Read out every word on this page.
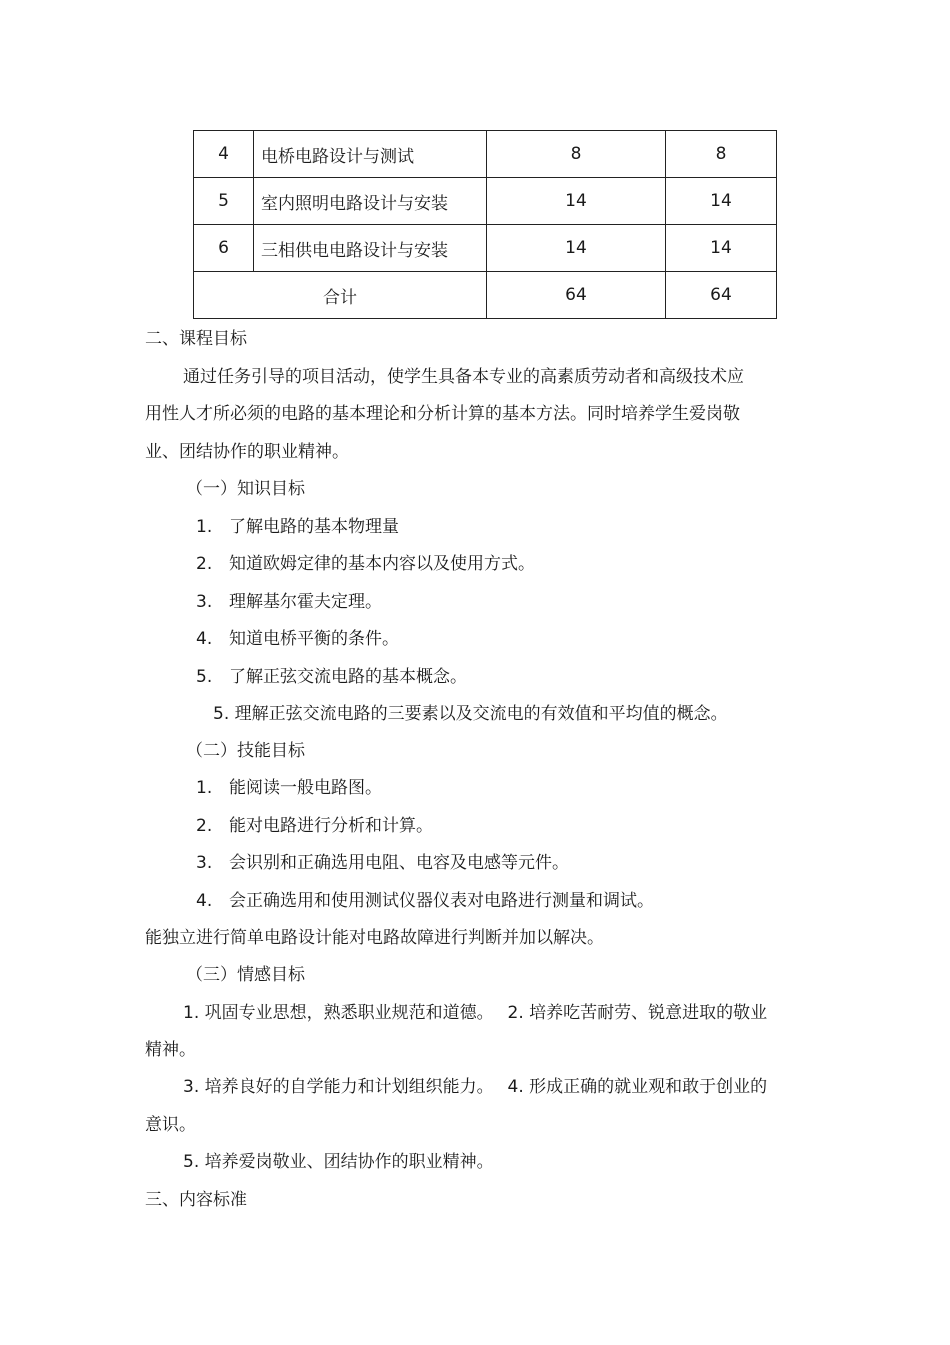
4	电桥电路设计与测试	8	8
5	室内照明电路设计与安装	14	14
6	三相供电电路设计与安装	14	14
合计		64	64
二、课程目标
通过任务引导的项目活动，使学生具备本专业的高素质劳动者和高级技术应
用性人才所必须的电路的基本理论和分析计算的基本方法。同时培养学生爱岗敬
业、团结协作的职业精神。
（一）知识目标
1. 了解电路的基本物理量
2. 知道欧姆定律的基本内容以及使用方式。
3. 理解基尔霍夫定理。
4. 知道电桥平衡的条件。
5. 了解正弦交流电路的基本概念。
5. 理解正弦交流电路的三要素以及交流电的有效值和平均值的概念。
（二）技能目标
1. 能阅读一般电路图。
2. 能对电路进行分析和计算。
3. 会识别和正确选用电阻、电容及电感等元件。
4. 会正确选用和使用测试仪器仪表对电路进行测量和调试。
能独立进行简单电路设计能对电路故障进行判断并加以解决。
（三）情感目标
1. 巩固专业思想，熟悉职业规范和道德。　 2. 培养吃苦耐劳、锐意进取的敬业
精神。
3. 培养良好的自学能力和计划组织能力。　 4. 形成正确的就业观和敢于创业的
意识。
5. 培养爱岗敬业、团结协作的职业精神。
三、内容标准
